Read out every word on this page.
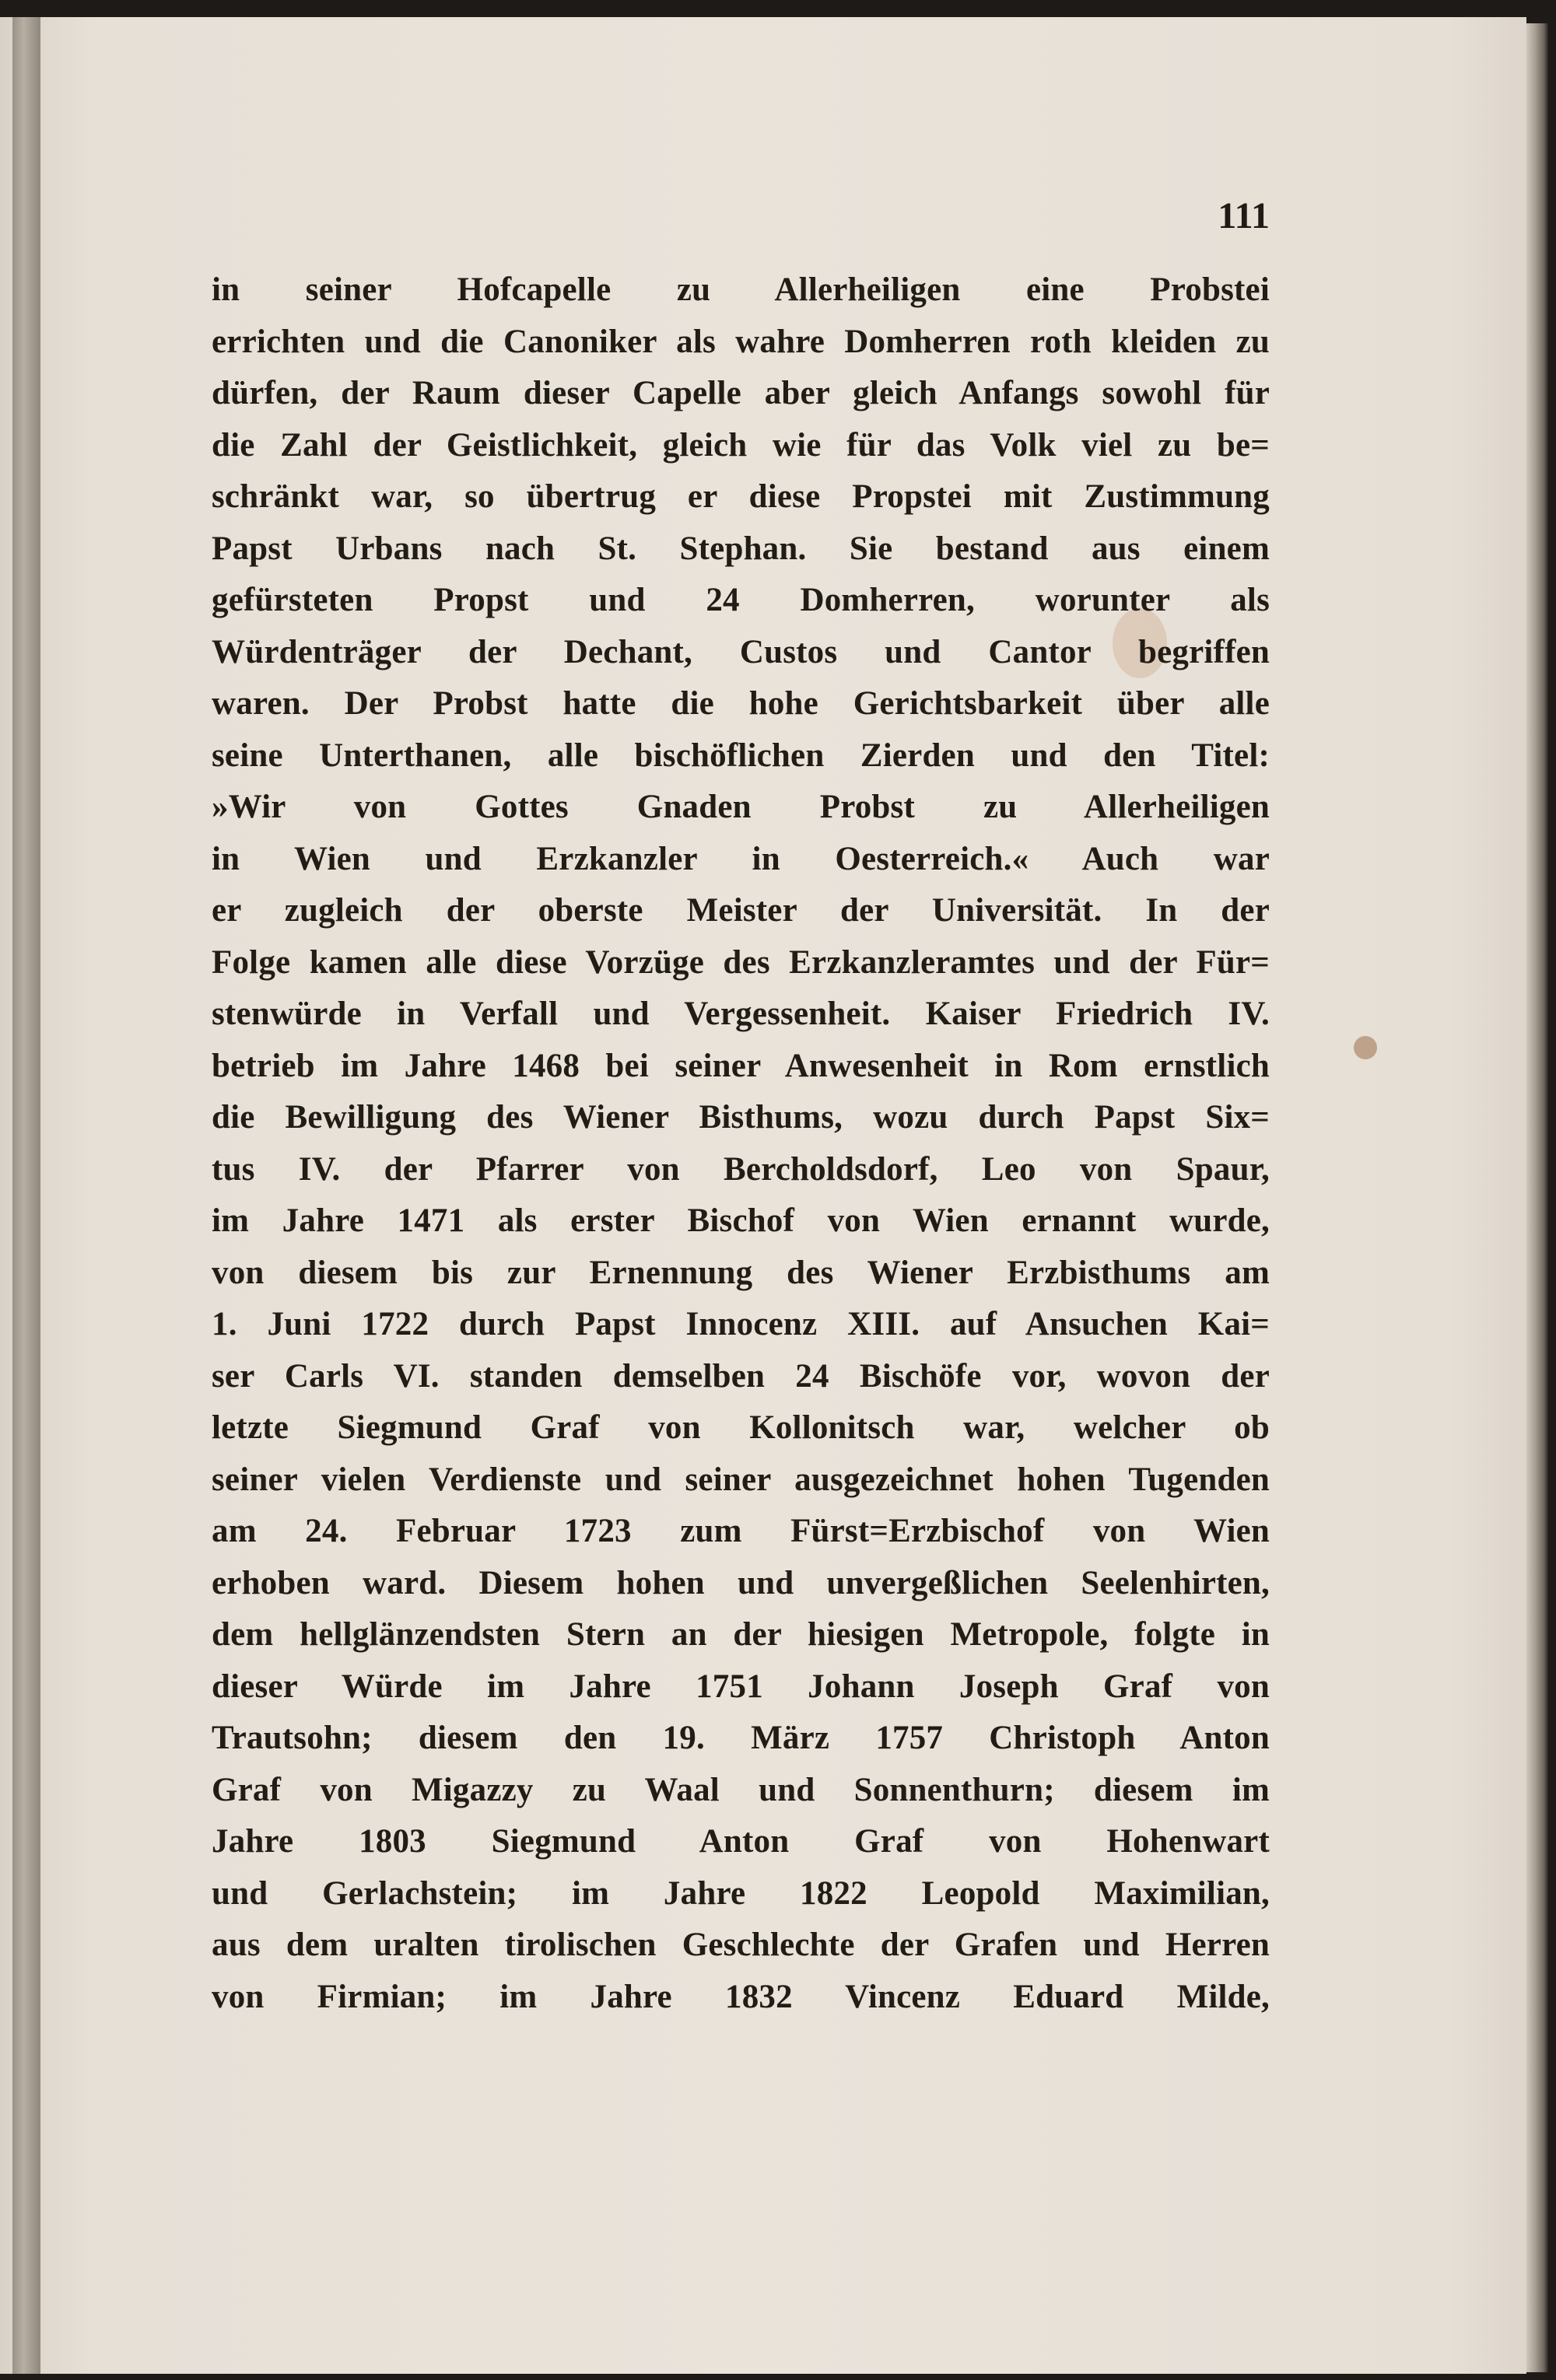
111
in seiner Hofcapelle zu Allerheiligen eine Probstei
errichten und die Canoniker als wahre Domherren roth kleiden zu
dürfen, der Raum dieser Capelle aber gleich Anfangs sowohl für
die Zahl der Geistlichkeit, gleich wie für das Volk viel zu be=
schränkt war, so übertrug er diese Propstei mit Zustimmung
Papst Urbans nach St. Stephan. Sie bestand aus einem
gefürsteten Propst und 24 Domherren, worunter als
Würdenträger der Dechant, Custos und Cantor begriffen
waren. Der Probst hatte die hohe Gerichtsbarkeit über alle
seine Unterthanen, alle bischöflichen Zierden und den Titel:
»Wir von Gottes Gnaden Probst zu Allerheiligen
in Wien und Erzkanzler in Oesterreich.« Auch war
er zugleich der oberste Meister der Universität. In der
Folge kamen alle diese Vorzüge des Erzkanzleramtes und der Für=
stenwürde in Verfall und Vergessenheit. Kaiser Friedrich IV.
betrieb im Jahre 1468 bei seiner Anwesenheit in Rom ernstlich
die Bewilligung des Wiener Bisthums, wozu durch Papst Six=
tus IV. der Pfarrer von Bercholdsdorf, Leo von Spaur,
im Jahre 1471 als erster Bischof von Wien ernannt wurde,
von diesem bis zur Ernennung des Wiener Erzbisthums am
1. Juni 1722 durch Papst Innocenz XIII. auf Ansuchen Kai=
ser Carls VI. standen demselben 24 Bischöfe vor, wovon der
letzte Siegmund Graf von Kollonitsch war, welcher ob
seiner vielen Verdienste und seiner ausgezeichnet hohen Tugenden
am 24. Februar 1723 zum Fürst=Erzbischof von Wien
erhoben ward. Diesem hohen und unvergeßlichen Seelenhirten,
dem hellglänzendsten Stern an der hiesigen Metropole, folgte in
dieser Würde im Jahre 1751 Johann Joseph Graf von
Trautsohn; diesem den 19. März 1757 Christoph Anton
Graf von Migazzy zu Waal und Sonnenthurn; diesem im
Jahre 1803 Siegmund Anton Graf von Hohenwart
und Gerlachstein; im Jahre 1822 Leopold Maximilian,
aus dem uralten tirolischen Geschlechte der Grafen und Herren
von Firmian; im Jahre 1832 Vincenz Eduard Milde,
